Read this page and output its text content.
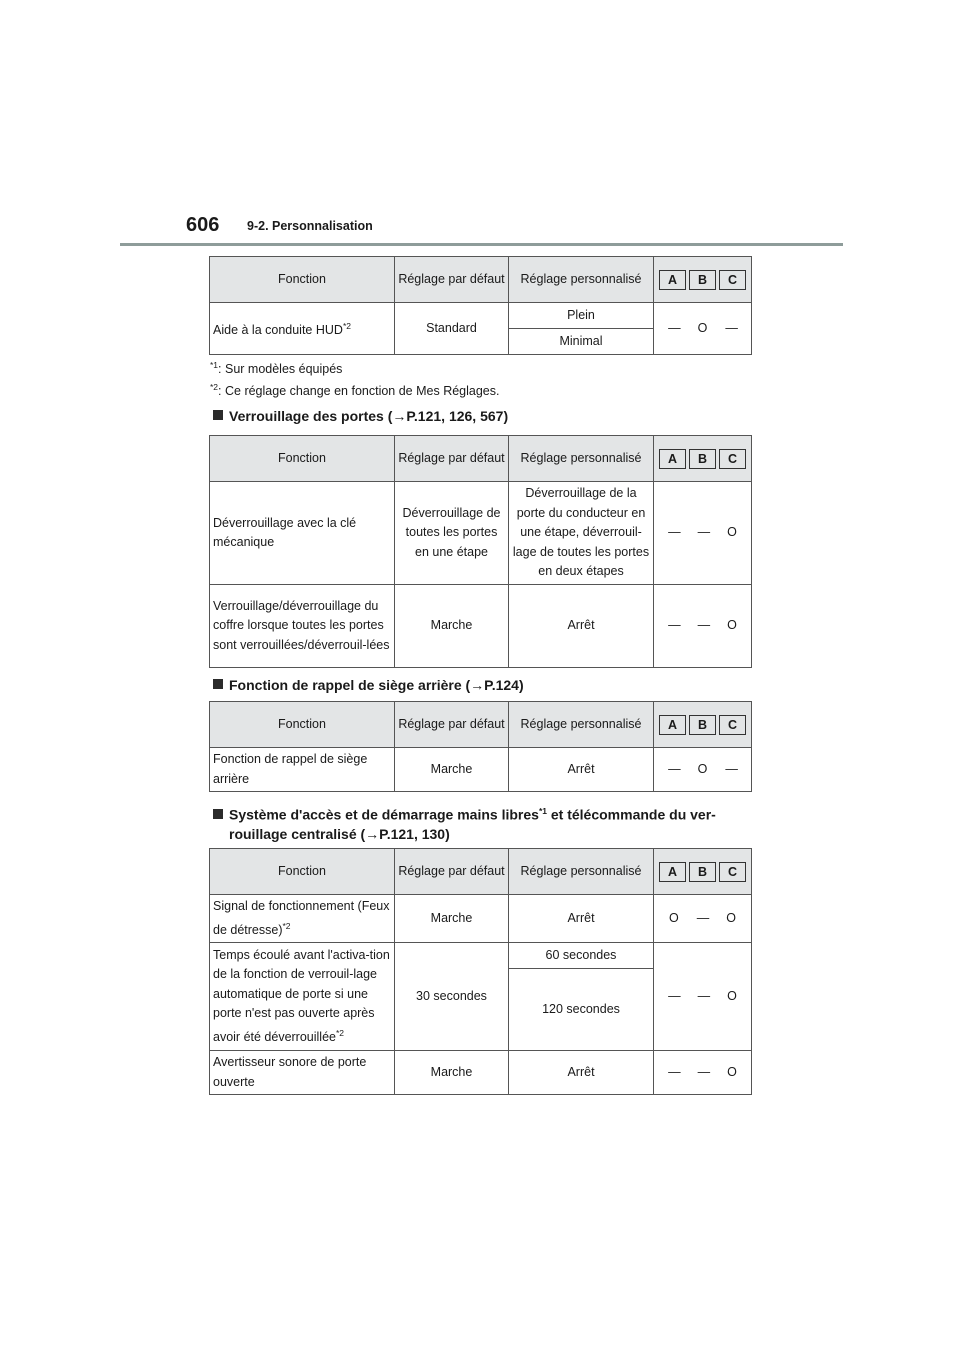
606 9-2. Personnalisation
Fonction	Réglage par défaut	Réglage personnalisé	A B C

Aide à la conduite HUD$^{*2}$	Standard	Plein	— O —

		Minimal	
$^{*1}$: Sur modèles équipés
$^{*2}$: Ce réglage change en fonction de Mes Réglages.
Verrouillage des portes (→P.121, 126, 567)
Fonction	Réglage par défaut	Réglage personnalisé	A B C

Déverrouillage avec la clé mécanique	Déverrouillage de toutes les portes en une étape	Déverrouillage de la porte du conducteur en une étape, déverrouil-lage de toutes les portes en deux étapes	— — O

Verrouillage/déverrouillage du coffre lorsque toutes les portes sont verrouillées/déverrouil-lées	Marche	Arrêt	— — O
Fonction de rappel de siège arrière (→P.124)
Fonction	Réglage par défaut	Réglage personnalisé	A B C

Fonction de rappel de siège arrière	Marche	Arrêt	— O —
Système d'accès et de démarrage mains libres$^{*1}$ et télécommande du ver-
rouillage centralisé (→P.121, 130)
Fonction	Réglage par défaut	Réglage personnalisé	A B C

Signal de fonctionnement (Feux de détresse)$^{*2}$	Marche	Arrêt	O — O

Temps écoulé avant l'activa-tion de la fonction de verrouil-lage automatique de porte si une porte n'est pas ouverte après avoir été déverrouillée$^{*2}$	30 secondes	60 secondes	— — O

		120 secondes	
Avertisseur sonore de porte ouverte	Marche	Arrêt	— — O
